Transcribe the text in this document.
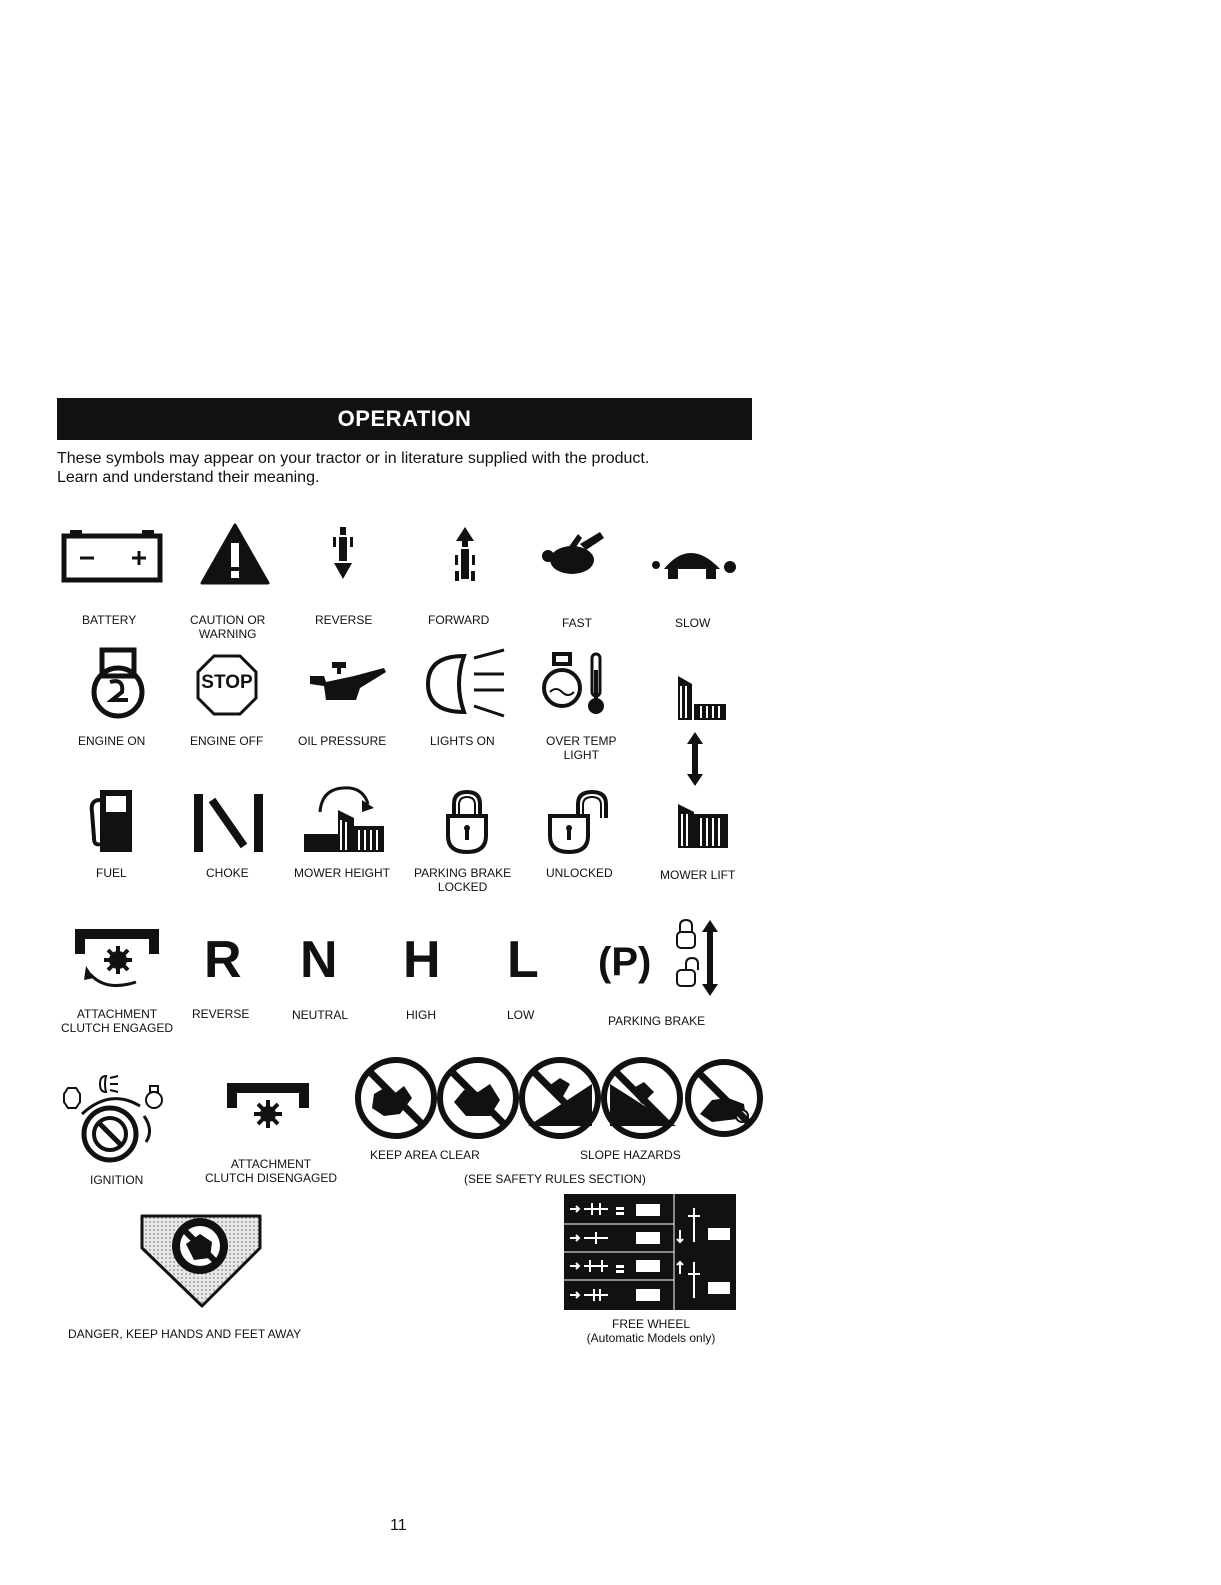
OPERATION
These symbols may appear on your tractor or in literature supplied with the product.
Learn and understand their meaning.
BATTERY	CAUTION OR
WARNING
REVERSE	FORWARD	FAST	SLOW
ENGINE ON
STOP
ENGINE OFF	OIL PRESSURE	LIGHTS ON	OVER TEMP
LIGHT
FUEL	CHOKE	MOWER HEIGHT PARKING BRAKE
LOCKED
UNLOCKED	MOWER LIFT
ATTACHMENT
CLUTCH ENGAGED
R
REVERSE
N
NEUTRAL
H
HIGH
L
LOW
(P)
PARKING BRAKE
IGNITION
ATTACHMENT
CLUTCH DISENGAGED
KEEP AREA CLEAR	SLOPE HAZARDS
(SEE SAFETY RULES SECTION)
DANGER, KEEP HANDS AND FEET AWAY
FREE WHEEL
(Automatic Models only)
11
